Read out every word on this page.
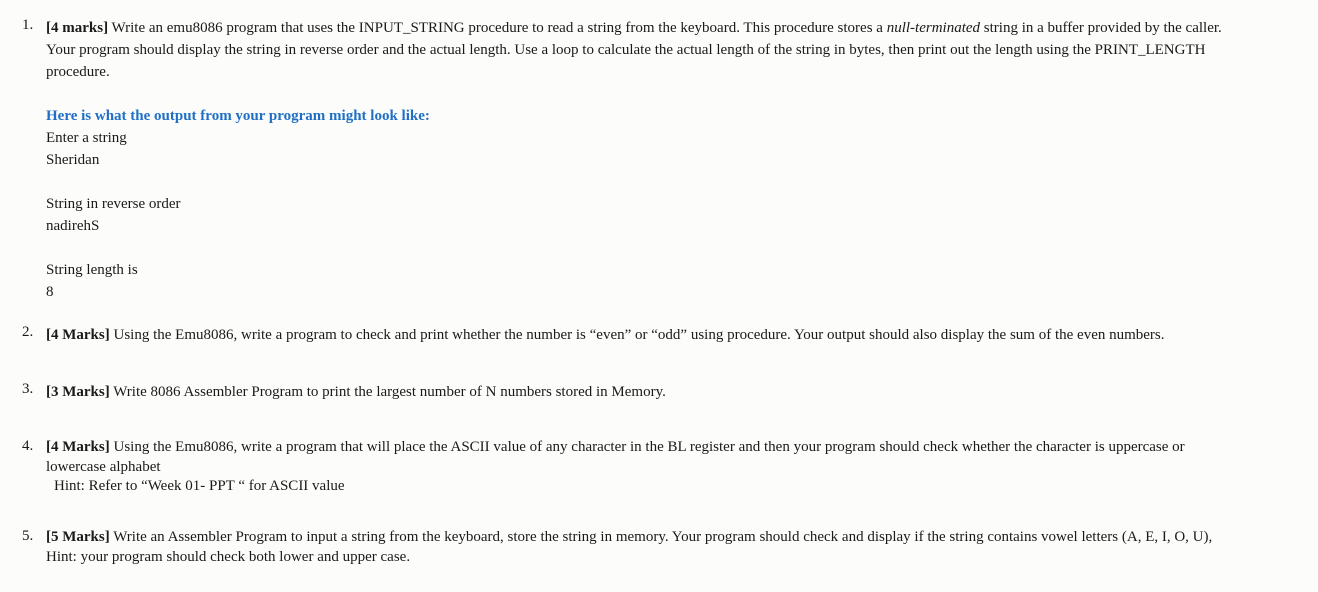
1. [4 marks] Write an emu8086 program that uses the INPUT_STRING procedure to read a string from the keyboard. This procedure stores a null-terminated string in a buffer provided by the caller.
Your program should display the string in reverse order and the actual length. Use a loop to calculate the actual length of the string in bytes, then print out the length using the PRINT_LENGTH
procedure.
Here is what the output from your program might look like:
Enter a string
Sheridan
String in reverse order
nadirehS
String length is
8
2. [4 Marks] Using the Emu8086, write a program to check and print whether the number is “even” or “odd” using procedure. Your output should also display the sum of the even numbers.
3. [3 Marks] Write 8086 Assembler Program to print the largest number of N numbers stored in Memory.
4. [4 Marks] Using the Emu8086, write a program that will place the ASCII value of any character in the BL register and then your program should check whether the character is uppercase or
lowercase alphabet
Hint: Refer to “Week 01- PPT “ for ASCII value
5. [5 Marks] Write an Assembler Program to input a string from the keyboard, store the string in memory. Your program should check and display if the string contains vowel letters (A, E, I, O, U),
Hint: your program should check both lower and upper case.
